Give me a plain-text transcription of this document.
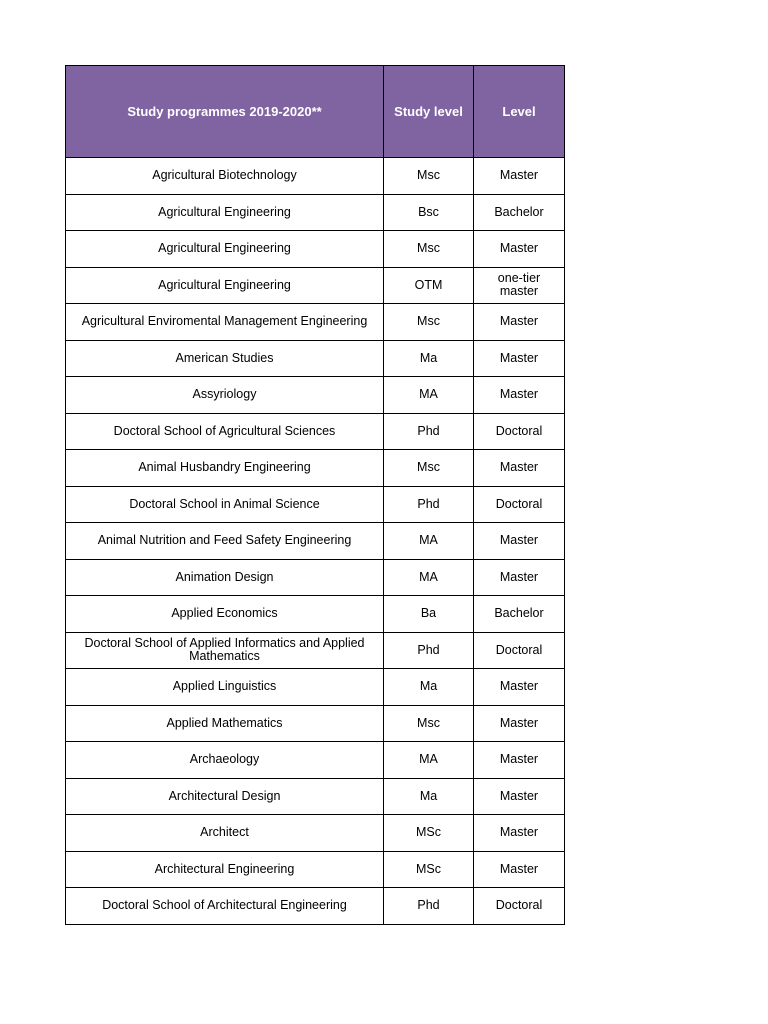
Study programmes 2019-2020**	Study level	Level
Agricultural Biotechnology	Msc	Master
Agricultural Engineering	Bsc	Bachelor
Agricultural Engineering	Msc	Master
Agricultural Engineering	OTM	one-tier master
Agricultural Enviromental Management Engineering	Msc	Master
American Studies	Ma	Master
Assyriology	MA	Master
Doctoral School of Agricultural Sciences	Phd	Doctoral
Animal Husbandry Engineering	Msc	Master
Doctoral School in Animal Science	Phd	Doctoral
Animal Nutrition and Feed Safety Engineering	MA	Master
Animation Design	MA	Master
Applied Economics	Ba	Bachelor
Doctoral School of Applied Informatics and Applied Mathematics	Phd	Doctoral
Applied Linguistics	Ma	Master
Applied Mathematics	Msc	Master
Archaeology	MA	Master
Architectural Design	Ma	Master
Architect	MSc	Master
Architectural Engineering	MSc	Master
Doctoral School of Architectural Engineering	Phd	Doctoral
